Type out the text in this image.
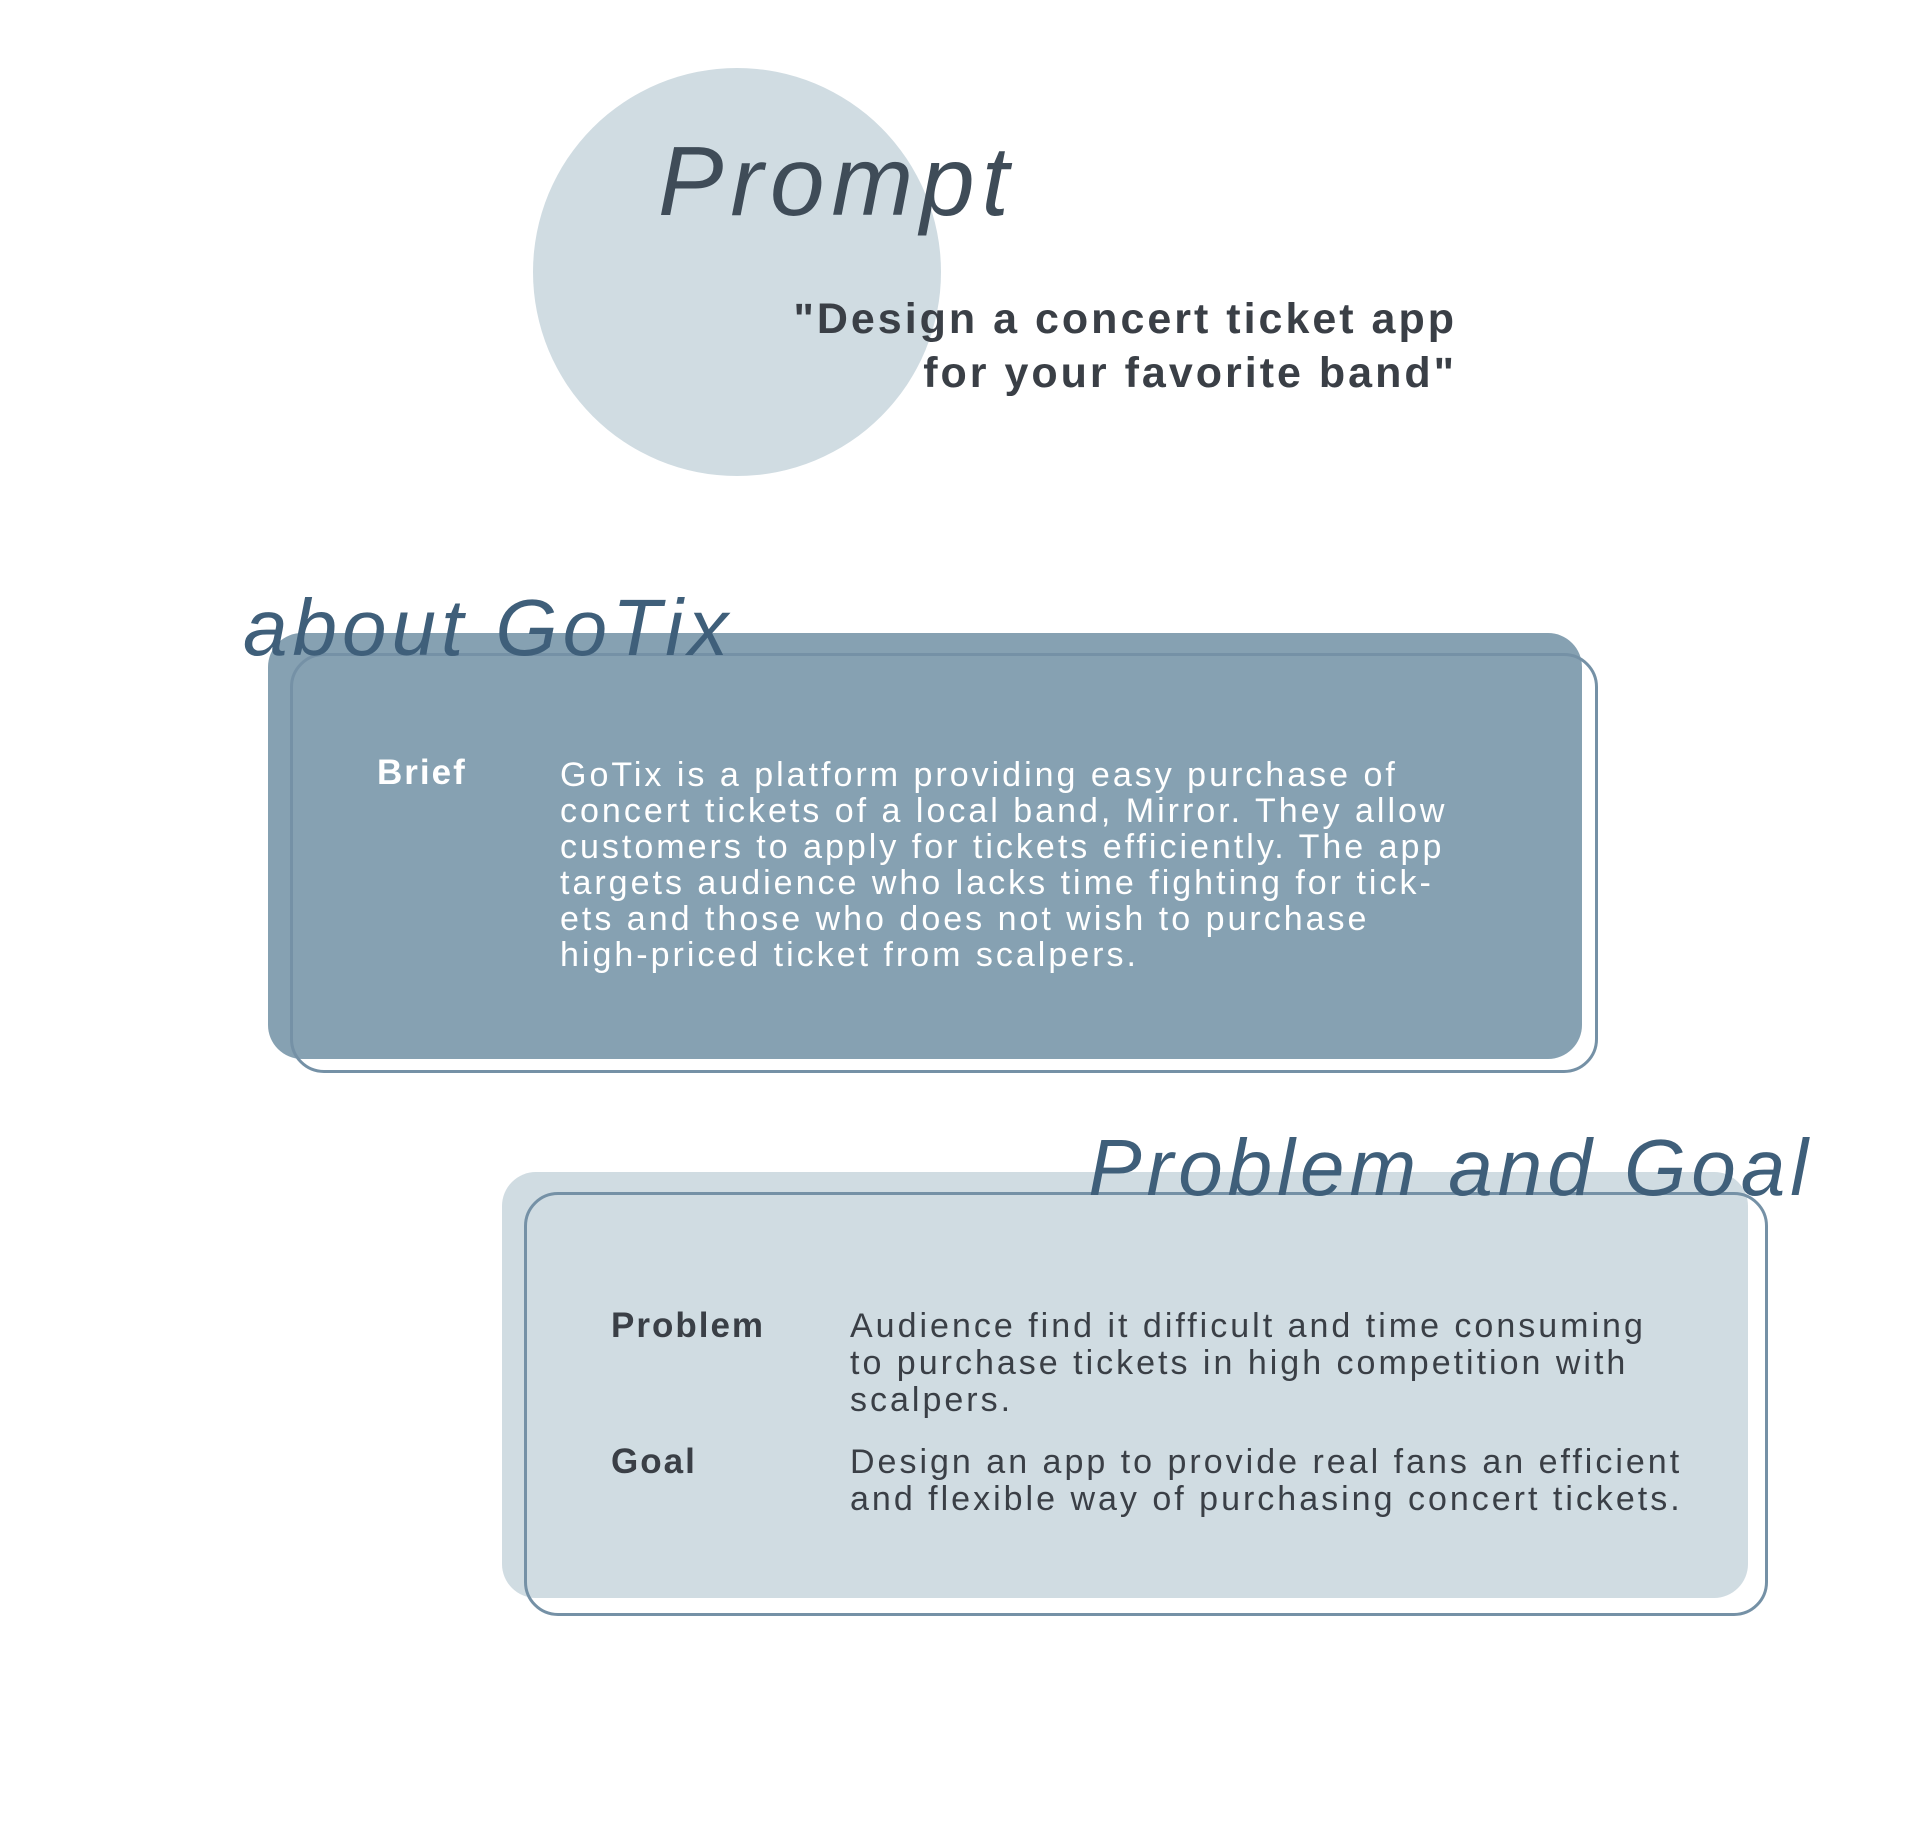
Prompt
"Design a concert ticket app
for your favorite band"
about GoTix
Brief	GoTix is a platform providing easy purchase of
concert tickets of a local band, Mirror. They allow
customers to apply for tickets efficiently. The app
targets audience who lacks time fighting for tick-
ets and those who does not wish to purchase
high-priced ticket from scalpers.
Problem and Goal
Problem Audience find it difficult and time consuming
to purchase tickets in high competition with
scalpers.
Goal	Design an app to provide real fans an efficient
and flexible way of purchasing concert tickets.
